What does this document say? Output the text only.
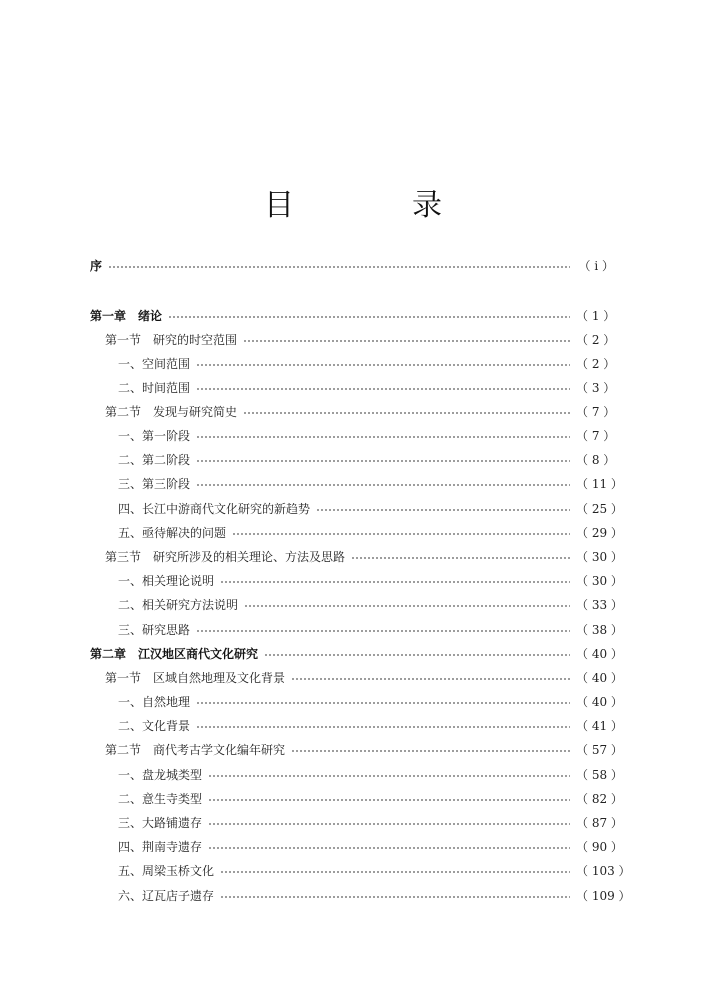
目　录
序	（ i ）
第一章　绪论	（ 1 ）
第一节　研究的时空范围	（ 2 ）
一、空间范围	（ 2 ）
二、时间范围	（ 3 ）
第二节　发现与研究简史	（ 7 ）
一、第一阶段	（ 7 ）
二、第二阶段	（ 8 ）
三、第三阶段	（ 11 ）
四、长江中游商代文化研究的新趋势	（ 25 ）
五、亟待解决的问题	（ 29 ）
第三节　研究所涉及的相关理论、方法及思路	（ 30 ）
一、相关理论说明	（ 30 ）
二、相关研究方法说明	（ 33 ）
三、研究思路	（ 38 ）
第二章　江汉地区商代文化研究	（ 40 ）
第一节　区域自然地理及文化背景	（ 40 ）
一、自然地理	（ 40 ）
二、文化背景	（ 41 ）
第二节　商代考古学文化编年研究	（ 57 ）
一、盘龙城类型	（ 58 ）
二、意生寺类型	（ 82 ）
三、大路铺遗存	（ 87 ）
四、荆南寺遗存	（ 90 ）
五、周梁玉桥文化	（ 103 ）
六、辽瓦店子遗存	（ 109 ）
